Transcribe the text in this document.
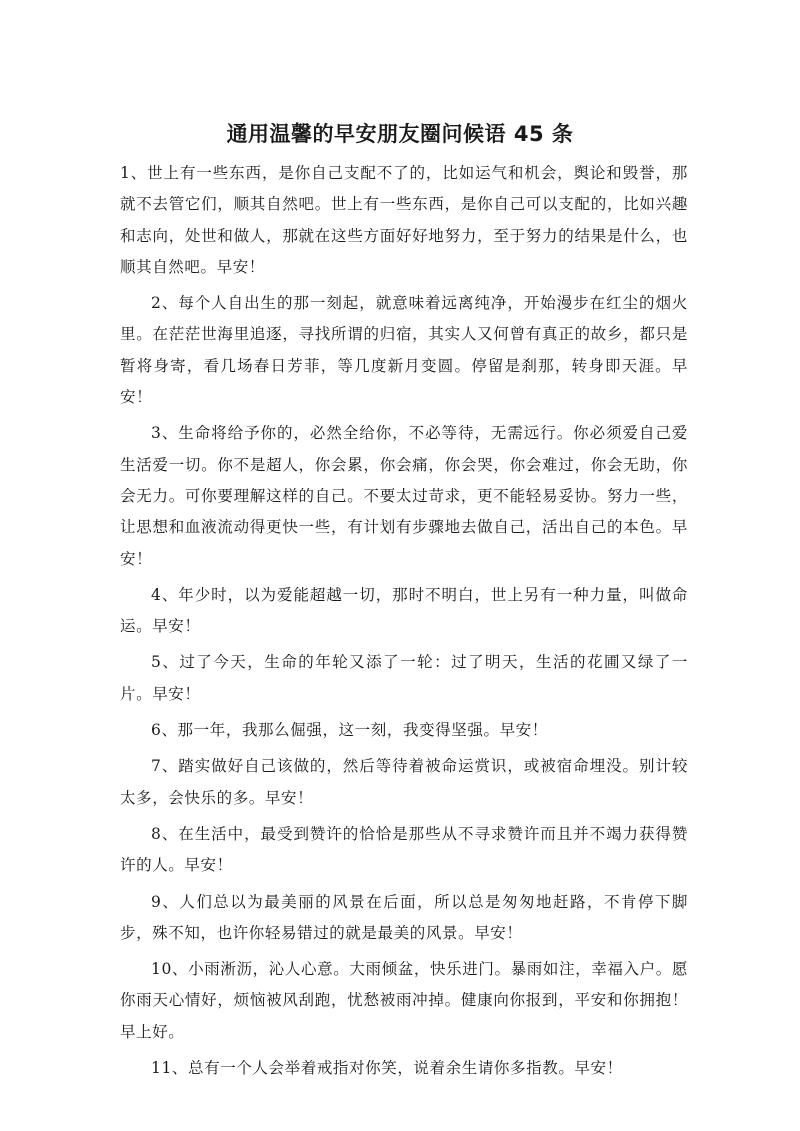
通用温馨的早安朋友圈问候语 45 条

1、世上有一些东西，是你自己支配不了的，比如运气和机会，舆论和毁誉，那就不去管它们，顺其自然吧。世上有一些东西，是你自己可以支配的，比如兴趣和志向，处世和做人，那就在这些方面好好地努力，至于努力的结果是什么，也顺其自然吧。早安！

2、每个人自出生的那一刻起，就意味着远离纯净，开始漫步在红尘的烟火里。在茫茫世海里追逐，寻找所谓的归宿，其实人又何曾有真正的故乡，都只是暂将身寄，看几场春日芳菲，等几度新月变圆。停留是刹那，转身即天涯。早安！

3、生命将给予你的，必然全给你，不必等待，无需远行。你必须爱自己爱生活爱一切。你不是超人，你会累，你会痛，你会哭，你会难过，你会无助，你会无力。可你要理解这样的自己。不要太过苛求，更不能轻易妥协。努力一些，让思想和血液流动得更快一些，有计划有步骤地去做自己，活出自己的本色。早安！

4、年少时，以为爱能超越一切，那时不明白，世上另有一种力量，叫做命运。早安！

5、过了今天，生命的年轮又添了一轮：过了明天，生活的花圃又绿了一片。早安！

6、那一年，我那么倔强，这一刻，我变得坚强。早安！

7、踏实做好自己该做的，然后等待着被命运赏识，或被宿命埋没。别计较太多，会快乐的多。早安！

8、在生活中，最受到赞许的恰恰是那些从不寻求赞许而且并不竭力获得赞许的人。早安！

9、人们总以为最美丽的风景在后面，所以总是匆匆地赶路，不肯停下脚步，殊不知，也许你轻易错过的就是最美的风景。早安！

10、小雨淅沥，沁人心意。大雨倾盆，快乐进门。暴雨如注，幸福入户。愿你雨天心情好，烦恼被风刮跑，忧愁被雨冲掉。健康向你报到，平安和你拥抱！早上好。

11、总有一个人会举着戒指对你笑，说着余生请你多指教。早安！
